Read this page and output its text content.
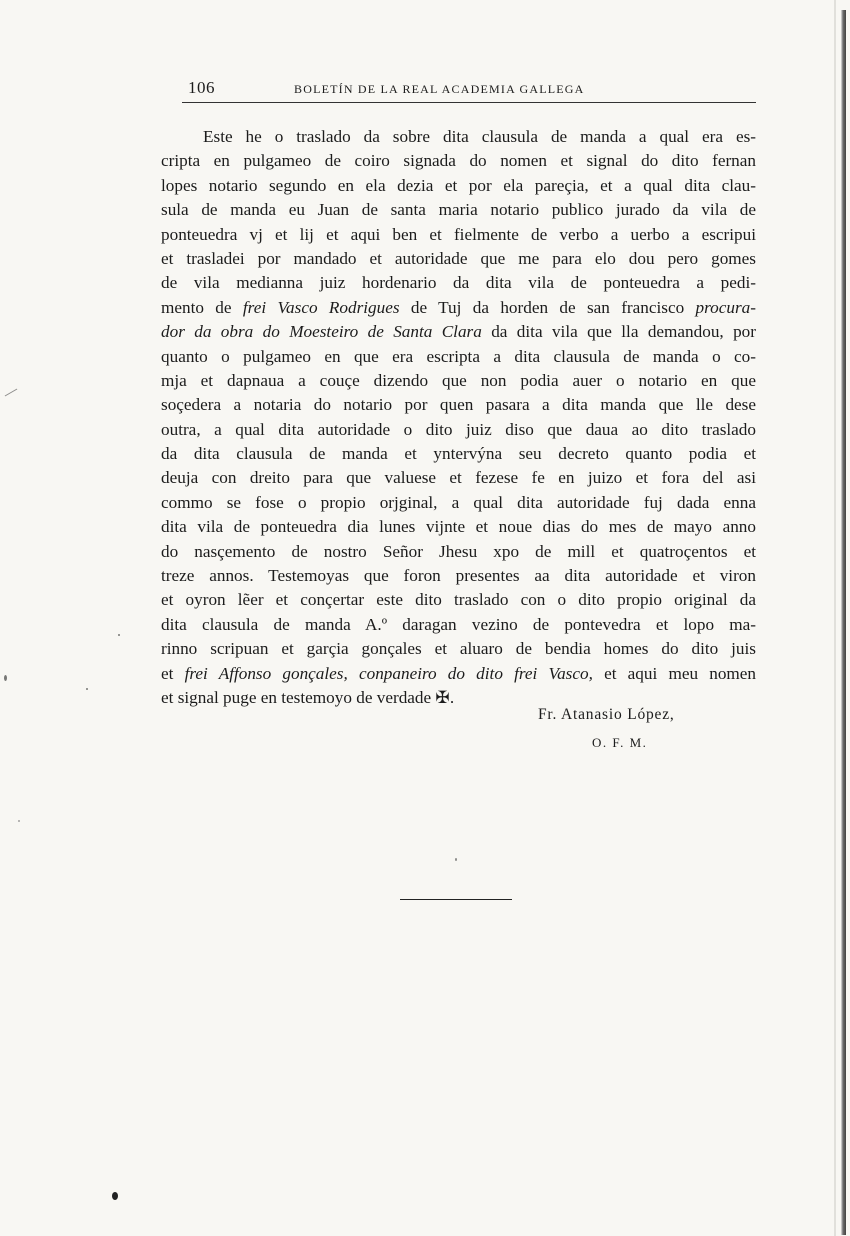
106	BOLETÍN DE LA REAL ACADEMIA GALLEGA
Este he o traslado da sobre dita clausula de manda a qual era es-
cripta en pulgameo de coiro signada do nomen et signal do dito fernan
lopes notario segundo en ela dezia et por ela pareçia, et a qual dita clau-
sula de manda eu Juan de santa maria notario publico jurado da vila de
ponteuedra vj et lij et aqui ben et fielmente de verbo a uerbo a escripui
et trasladei por mandado et autoridade que me para elo dou pero gomes
de vila medianna juiz hordenario da dita vila de ponteuedra a pedi-
mento de frei Vasco Rodrigues de Tuj da horden de san francisco procura-
dor da obra do Moesteiro de Santa Clara da dita vila que lla demandou, por
quanto o pulgameo en que era escripta a dita clausula de manda o co-
mja et dapnaua a couçe dizendo que non podia auer o notario en que
soçedera a notaria do notario por quen pasara a dita manda que lle dese
outra, a qual dita autoridade o dito juiz diso que daua ao dito traslado
da dita clausula de manda et yntervýna seu decreto quanto podia et
deuja con dreito para que valuese et fezese fe en juizo et fora del asi
commo se fose o propio orjginal, a qual dita autoridade fuj dada enna
dita vila de ponteuedra dia lunes vijnte et noue dias do mes de mayo anno
do nasçemento de nostro Señor Jhesu xpo de mill et quatroçentos et
treze annos. Testemoyas que foron presentes aa dita autoridade et viron
et oyron lẽer et conçertar este dito traslado con o dito propio original da
dita clausula de manda A.º daragan vezino de pontevedra et lopo ma-
rinno scripuan et garçia gonçales et aluaro de bendia homes do dito juis
et frei Affonso gonçales, conpaneiro do dito frei Vasco, et aqui meu nomen
et signal puge en testemoyo de verdade ✠.
Fr. Atanasio López,
O. F. M.
